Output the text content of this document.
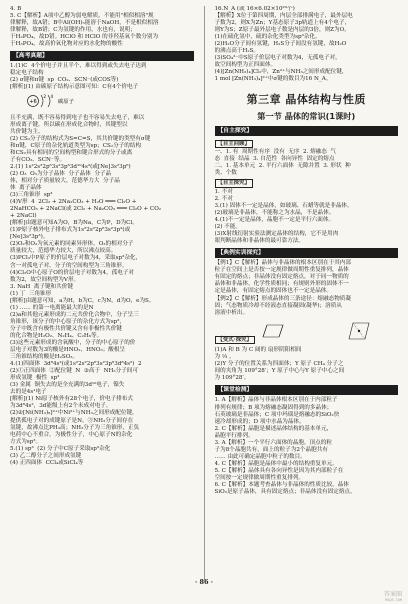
4. B

5. C【解析】A项中乙醇为弱电解质，不能用"相似相溶"规

律解释，故A错；B中Al(OH)₃能溶于NaOH，不是相似相溶

律解释，故B错；C为氢键的作用，水也有，说明；

于H₂PO₄，故D错。HClO 和 HClO 的非羟基氧个数分别为

于H₃PO₄，故高价氧化物对应的水化物的酸性

【高考真题】

1.(1)C  4个价电子并且半个，难以得到或失去电子达到

稳定电子结构

(2) σ键和π键  sp  CO₂、SCN⁻(或COS等)

[解析](1) 由碳原子结构示意图可知：C有4个价电子

+6
2 4
碳原子

且半充满，既不容易得到电子也不容易失去电子，难以

形成离子键，所以碳在形成化合物时，其键型以

共价键为主。

(2) CS₂分子的结构式为S=C=S，其共价键的类型有σ键

和π键，C原子的杂化轨道类型为sp；CS₂分子的结构

和CS₂具有相同的空间构型和键合形式的分子或离

子有CO₂、SCN⁻等。

2.(1) 1s²2s²2p⁶3s²3p⁶3d¹⁰4s²(或[Ne]3s²3p⁶)

(2) O₃  O₃为分子晶体  分子晶体  分子晶

体，相对分子质量较大，范德华力大  分子晶

体  离子晶体

(3)三角锥形  sp³

(4)V形  4  2Cl₂ + 2Na₂CO₃ + H₂O ═══ Cl₂O +

2NaHCO₃ + 2NaCl(或 2Cl₂ + Na₂CO₃ ═══ Cl₂O + CO₂

+ 2NaCl)

[解析]由题意可知A为O，B为Na，C为P，D为Cl。

(1)P原子核外电子排布式为1s²2s²2p⁶3s²3p³(或

[Ne]3s²3p³)。

(2)O₂和O₃为氧元素的同素异形体，O₃的相对分子

质量较大，范德华力较大，所以沸点较高。

(3)PCl₃中P原子的价层电子对数为4，采取sp³杂化，

含一对孤电子对，分子的空间构型为三角锥形。

(4)Cl₂O中心原子O的价层电子对数为4，孤电子对

数为2，故空间构型为V形。

3. NaH  离子键和共价键

(1) 丁  三角锥形

[解析]由题意可知，a为H，b为C，c为N，d为O，e为S。

(1) …… 的第一电离能最大的是N

(2)a和其他元素形成的二元共价化合物中，分子呈三

角锥形，该分子的中心原子的杂化方式为sp³，

分子中既含有极性共价键又含有非极性共价键

的化合物是H₂O₂、N₂H₄、C₂H₆等。

(3)这些元素形成的含氧酸中，分子的中心原子的价

层电子对数为3的酸是HNO₂、HNO₃；酸根呈

三角锥结构的酸是H₂SO₃。

4.(1)四面体  3d⁸4s²(或1s²2s²2p⁶3s²3p⁶3d⁸4s²)  2

(2)①正四面体  ②配位键  N  ③高于  NH₃分子间可

形成氢键  极性  sp³

(3) 金属  铜失去的是全充满的3d¹⁰电子，镍失

去的是4s¹电子

[解析](1) Ni原子核外有28个电子，价电子排布式

为3d⁸4s²，3d能级上有2个未成对电子。

(2)②[Ni(NH₃)₆]²⁺中Ni²⁺与NH₃之间形成配位键，

提供孤电子对的成键原子是N。③NH₃分子间存在

氢键，故沸点比PH₃高；NH₃分子为三角锥形，正负

电荷中心不重合，为极性分子，中心原子N的杂化

方式为sp³。

5.(1) sp³  (2) 分子中C原子采取sp²杂化

(3) 乙二醇分子之间形成氢键

(4) 正四面体  CCl₄或SiCl₄等

16.N_A (或 16×6.02×10²³个)

【解析】X位于第四周期，内层全部排满电子，最外层电

子数为2，则X为Zn；Y基态原子3p轨道上有4个电子，

则Y为S；Z原子最外层电子数是内层的3倍，则Z为O。

(1)在硫化氢中，硫的杂化类型为sp³杂化。

(2)H₂O分子间有氢键，H₂S分子间没有氢键，故H₂O

的沸点高于H₂S。

(3)SO₄²⁻中S原子价层电子对数为4，无孤电子对，

故空间构型为正四面体。

(4)[Zn(NH₃)₄]Cl₂中，Zn²⁺与NH₃之间形成配位键，

1 mol [Zn(NH₃)₄]²⁺中σ键的数目为16 N_A。

第三章 晶体结构与性质
第一节 晶体的常识(1课时)
【自主探究】
【自主回顾】

一、1. 有  周期性有序  没有  无序  2. 熔融态  气

态  直接  结晶  3. 自范性  各向异性  固定的熔点

二、1. 基本单元  2. 平行六面体  无隙并置  3. 形状  种

类、个数

【自主探究】

1. 不对

2. 不对

3.(1) 固体不一定是晶体，如玻璃、石蜡等就是非晶体。

(2)玻璃是非晶体，不能称之为水晶，不是晶体。

4.(1)不一定是晶体，晶胞不一定是平行六面体。

(2) 不能。

(3)X射线衍射实验法测定晶体的结构，它不是用肉

眼判断晶体和非晶体的最可靠方法。

【典例实训探究】

【例1】C【解析】晶体与非晶体的根本区别在于其内部

粒子在空间上是否按一定规律做周期性重复排列，晶体

有固定的熔点；非晶体没有固定熔点，对于同一物质的

晶体和非晶体，化学性质相同；有规则外形的固体不一

定是晶体，有固定熔点的固体也不一定是晶体。

【例2】C【解析】形成晶体的三条途径：熔融态物质凝

固；气态物质冷却不经液态直接凝固(凝华)；溶质从

溶液中析出。

【变式·探究】

(1)A 和 B 为 C 阔的 扇形阴阳相间

为 ⅓ 。

(2)Y 分子的位置关系为四面体；Y 原子 CH₄ 分子之

间的夹角为 109°28′；Y 原子中心与Y 原子中心之间

为 109°28′。

【课堂检测】

1. A【解析】晶体与非晶体根本区别在于内部粒子

排列有规律；B 项为熔融态凝固得到的多晶体；

石英玻璃是非晶体；C 项中玛瑙是熔融态的SiO₂快

速冷却形成的；D 项中水晶为晶体。

2. C【解析】晶胞是描述晶体结构的基本单元，

晶胞平行排列。

3. A【解析】一个平行六面体的晶胞，顶点的粒

子为8个晶胞共有，面上的粒子为2个晶胞共有

…… 由此可确定晶胞中粒子的数目。

4. C【解析】晶胞是晶体中最小的结构重复单元。

5. C【解析】晶体具有各向异性是因为其内部粒子在

空间按一定规律做周期性重复排列。

6. C【解析】本题考查晶体与非晶体的性质比较，晶体

SiO₂是原子晶体，具有固定熔点；非晶体没有固定熔点。

· 86 ·
答案圈
MXQE.COM
